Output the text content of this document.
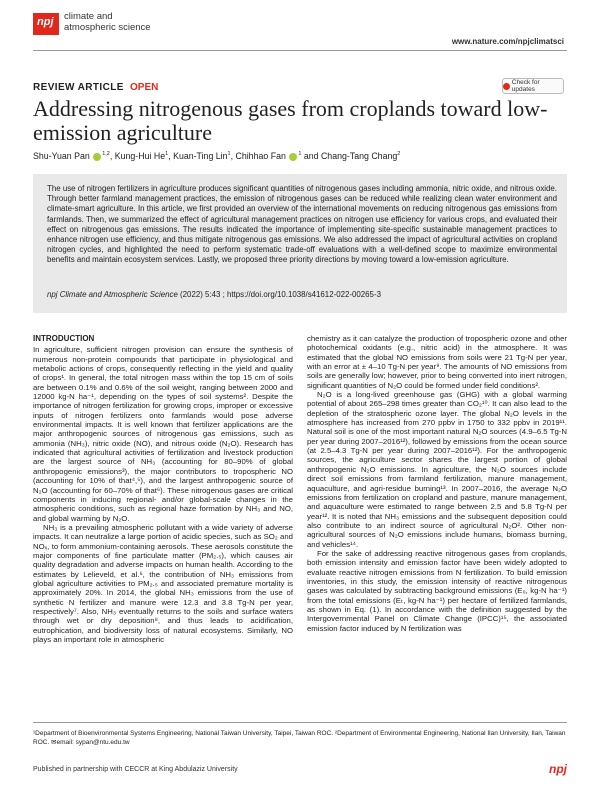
npj climate and
atmospheric science
www.nature.com/npjclimatsci
REVIEW ARTICLE OPEN	Check for updates
Addressing nitrogenous gases from croplands toward low-emission agriculture
Shu-Yuan Pan $^{1,2}$, Kung-Hui He$^1$, Kuan-Ting Lin$^1$, Chihhao Fan $^1$ and Chang-Tang Chang$^2$
The use of nitrogen fertilizers in agriculture produces significant quantities of nitrogenous gases including ammonia, nitric oxide, and nitrous oxide. Through better farmland management practices, the emission of nitrogenous gases can be reduced while realizing clean water environment and climate-smart agriculture. In this article, we first provided an overview of the international movements on reducing nitrogenous gas emissions from farmlands. Then, we summarized the effect of agricultural management practices on nitrogen use efficiency for various crops, and evaluated their effect on nitrogenous gas emissions. The results indicated the importance of implementing site-specific sustainable management practices to enhance nitrogen use efficiency, and thus mitigate nitrogenous gas emissions. We also addressed the impact of agricultural activities on cropland nitrogen cycles, and highlighted the need to perform systematic trade-off evaluations with a well-defined scope to maximize environmental benefits and maintain ecosystem services. Lastly, we proposed three priority directions by moving toward a low-emission agriculture.
npj Climate and Atmospheric Science (2022) 5:43 ; https://doi.org/10.1038/s41612-022-00265-3
INTRODUCTION

In agriculture, sufficient nitrogen provision can ensure the synthesis of numerous non-protein compounds that participate in physiological and metabolic actions of crops, consequently reflecting in the yield and quality of crops¹. In general, the total nitrogen mass within the top 15 cm of soils are between 0.1% and 0.6% of the soil weight, ranging between 2000 and 12000 kg-N ha⁻¹, depending on the types of soil systems². Despite the importance of nitrogen fertilization for growing crops, improper or excessive inputs of nitrogen fertilizers onto farmlands would pose adverse environmental impacts. It is well known that fertilizer applications are the major anthropogenic sources of nitrogenous gas emissions, such as ammonia (NH₃), nitric oxide (NO), and nitrous oxide (N₂O). Research has indicated that agricultural activities of fertilization and livestock production are the largest source of NH₃ (accounting for 80–90% of global anthropogenic emissions³), the major contributors to tropospheric NO (accounting for 10% of that⁴,⁵), and the largest anthropogenic source of N₂O (accounting for 60–70% of that⁶). These nitrogenous gases are critical components in inducing regional- and/or global-scale changes in the atmospheric conditions, such as regional haze formation by NH₃ and NO, and global warming by N₂O.

NH₃ is a prevailing atmospheric pollutant with a wide variety of adverse impacts. It can neutralize a large portion of acidic species, such as SO₂ and NOₓ, to form ammonium-containing aerosols. These aerosols constitute the major components of fine particulate matter (PM₂.₅), which causes air quality degradation and adverse impacts on human health. According to the estimates by Lelieveld, et al.⁶, the contribution of NH₃ emissions from global agriculture activities to PM₂.₅ and associated premature mortality is approximately 20%. In 2014, the global NH₃ emissions from the use of synthetic N fertilizer and manure were 12.3 and 3.8 Tg-N per year, respectively⁷. Also, NH₃ eventually returns to the soils and surface waters through wet or dry deposition⁸, and thus leads to acidification, eutrophication, and biodiversity loss of natural ecosystems. Similarly, NO plays an important role in atmospheric

chemistry as it can catalyze the production of tropospheric ozone and other photochemical oxidants (e.g., nitric acid) in the atmosphere. It was estimated that the global NO emissions from soils were 21 Tg-N per year, with an error at ± 4–10 Tg-N per year⁹. The amounts of NO emissions from soils are generally low; however, prior to being converted into inert nitrogen, significant quantities of N₂O could be formed under field conditions².

N₂O is a long-lived greenhouse gas (GHG) with a global warming potential of about 265–298 times greater than CO₂¹⁰. It can also lead to the depletion of the stratospheric ozone layer. The global N₂O levels in the atmosphere has increased from 270 ppbv in 1750 to 332 ppbv in 2019¹¹. Natural soil is one of the most important natural N₂O sources (4.9–6.5 Tg-N per year during 2007–2016¹²), followed by emissions from the ocean source (at 2.5–4.3 Tg-N per year during 2007–2016¹²). For the anthropogenic sources, the agriculture sector shares the largest portion of global anthropogenic N₂O emissions. In agriculture, the N₂O sources include direct soil emissions from farmland fertilization, manure management, aquaculture, and agri-residue burning¹³. In 2007–2016, the average N₂O emissions from fertilization on cropland and pasture, manure management, and aquaculture were estimated to range between 2.5 and 5.8 Tg-N per year¹². It is noted that NH₃ emissions and the subsequent deposition could also contribute to an indirect source of agricultural N₂O². Other non-agricultural sources of N₂O emissions include humans, biomass burning, and vehicles¹⁴.

For the sake of addressing reactive nitrogenous gases from croplands, both emission intensity and emission factor have been widely adopted to evaluate reactive nitrogen emissions from N fertilization. To build emission inventories, in this study, the emission intensity of reactive nitrogenous gases was calculated by subtracting background emissions (E₀, kg-N ha⁻¹) from the total emissions (Eₜ, kg-N ha⁻¹) per hectare of fertilized farmlands, as shown in Eq. (1). In accordance with the definition suggested by the Intergovernmental Panel on Climate Change (IPCC)¹⁵, the associated emission factor induced by N fertilization was

¹Department of Bioenvironmental Systems Engineering, National Taiwan University, Taipei, Taiwan ROC. ²Department of Environmental Engineering, National Ilan University, Ilan, Taiwan ROC. ✉email: sypan@ntu.edu.tw
Published in partnership with CECCR at King Abdulaziz University	npj
